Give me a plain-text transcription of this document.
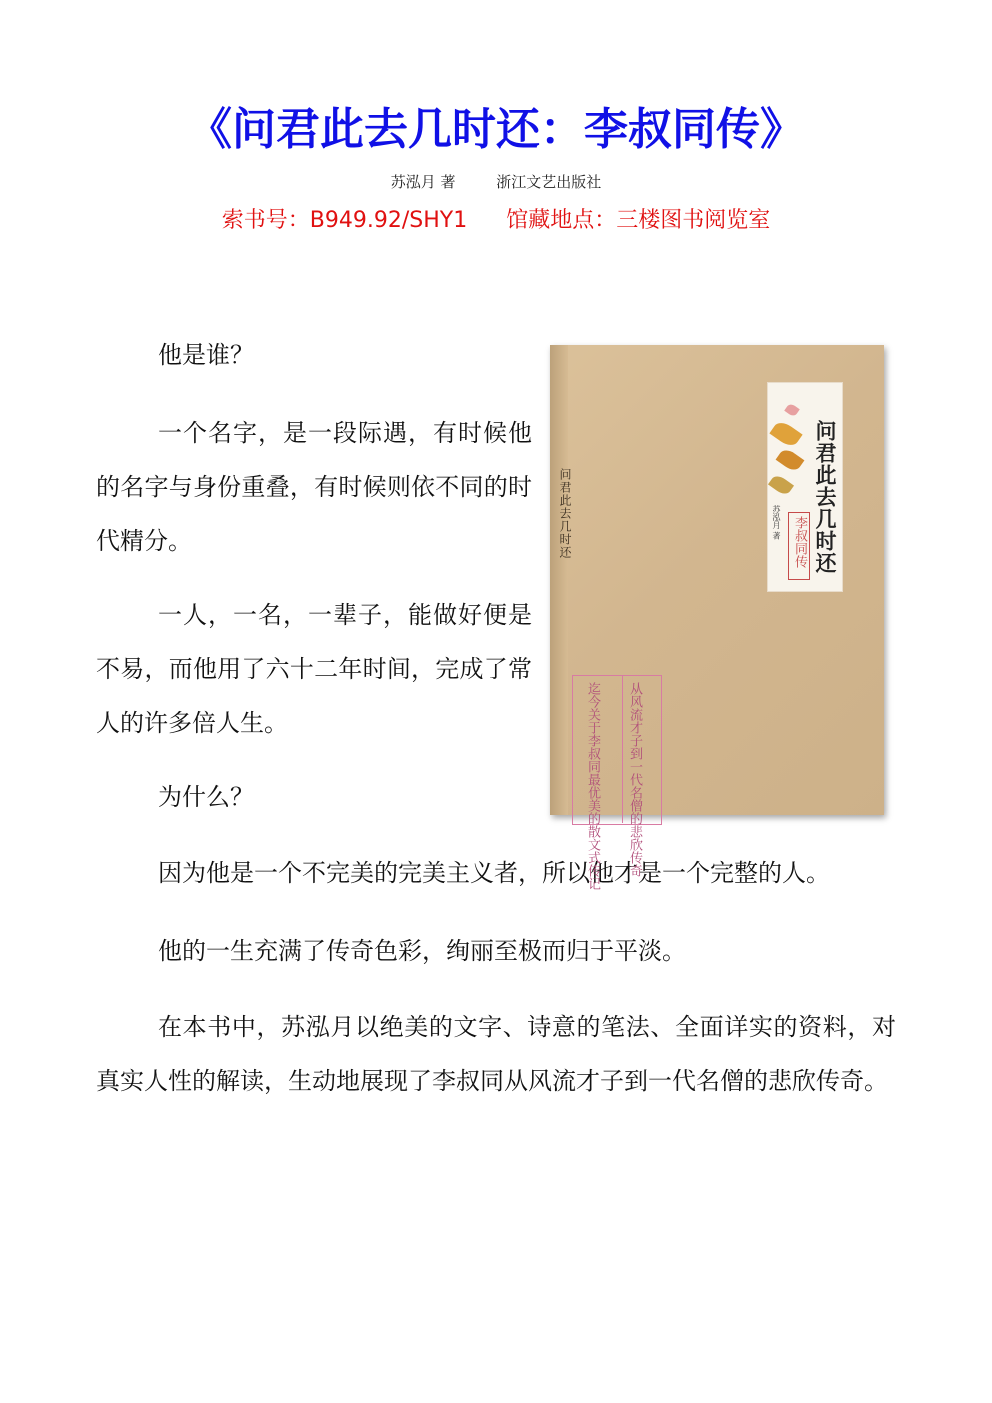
《问君此去几时还：李叔同传》
苏泓月 著	浙江文艺出版社
索书号：B949.92/SHY1 馆藏地点：三楼图书阅览室

他是谁？

一个名字，是一段际遇，有时候他的名字与身份重叠，有时候则依不同的时代精分。

一人，一名，一辈子，能做好便是不易，而他用了六十二年时间，完成了常人的许多倍人生。

为什么？

因为他是一个不完美的完美主义者，所以他才是一个完整的人。

他的一生充满了传奇色彩，绚丽至极而归于平淡。

在本书中，苏泓月以绝美的文字、诗意的笔法、全面详实的资料，对真实人性的解读，生动地展现了李叔同从风流才子到一代名僧的悲欣传奇。

问君此去几时还	问君此去几时还
李叔同传
苏泓月 著
从风流才子到一代名僧的悲欣传奇
迄今关于李叔同最优美的散文式传记
